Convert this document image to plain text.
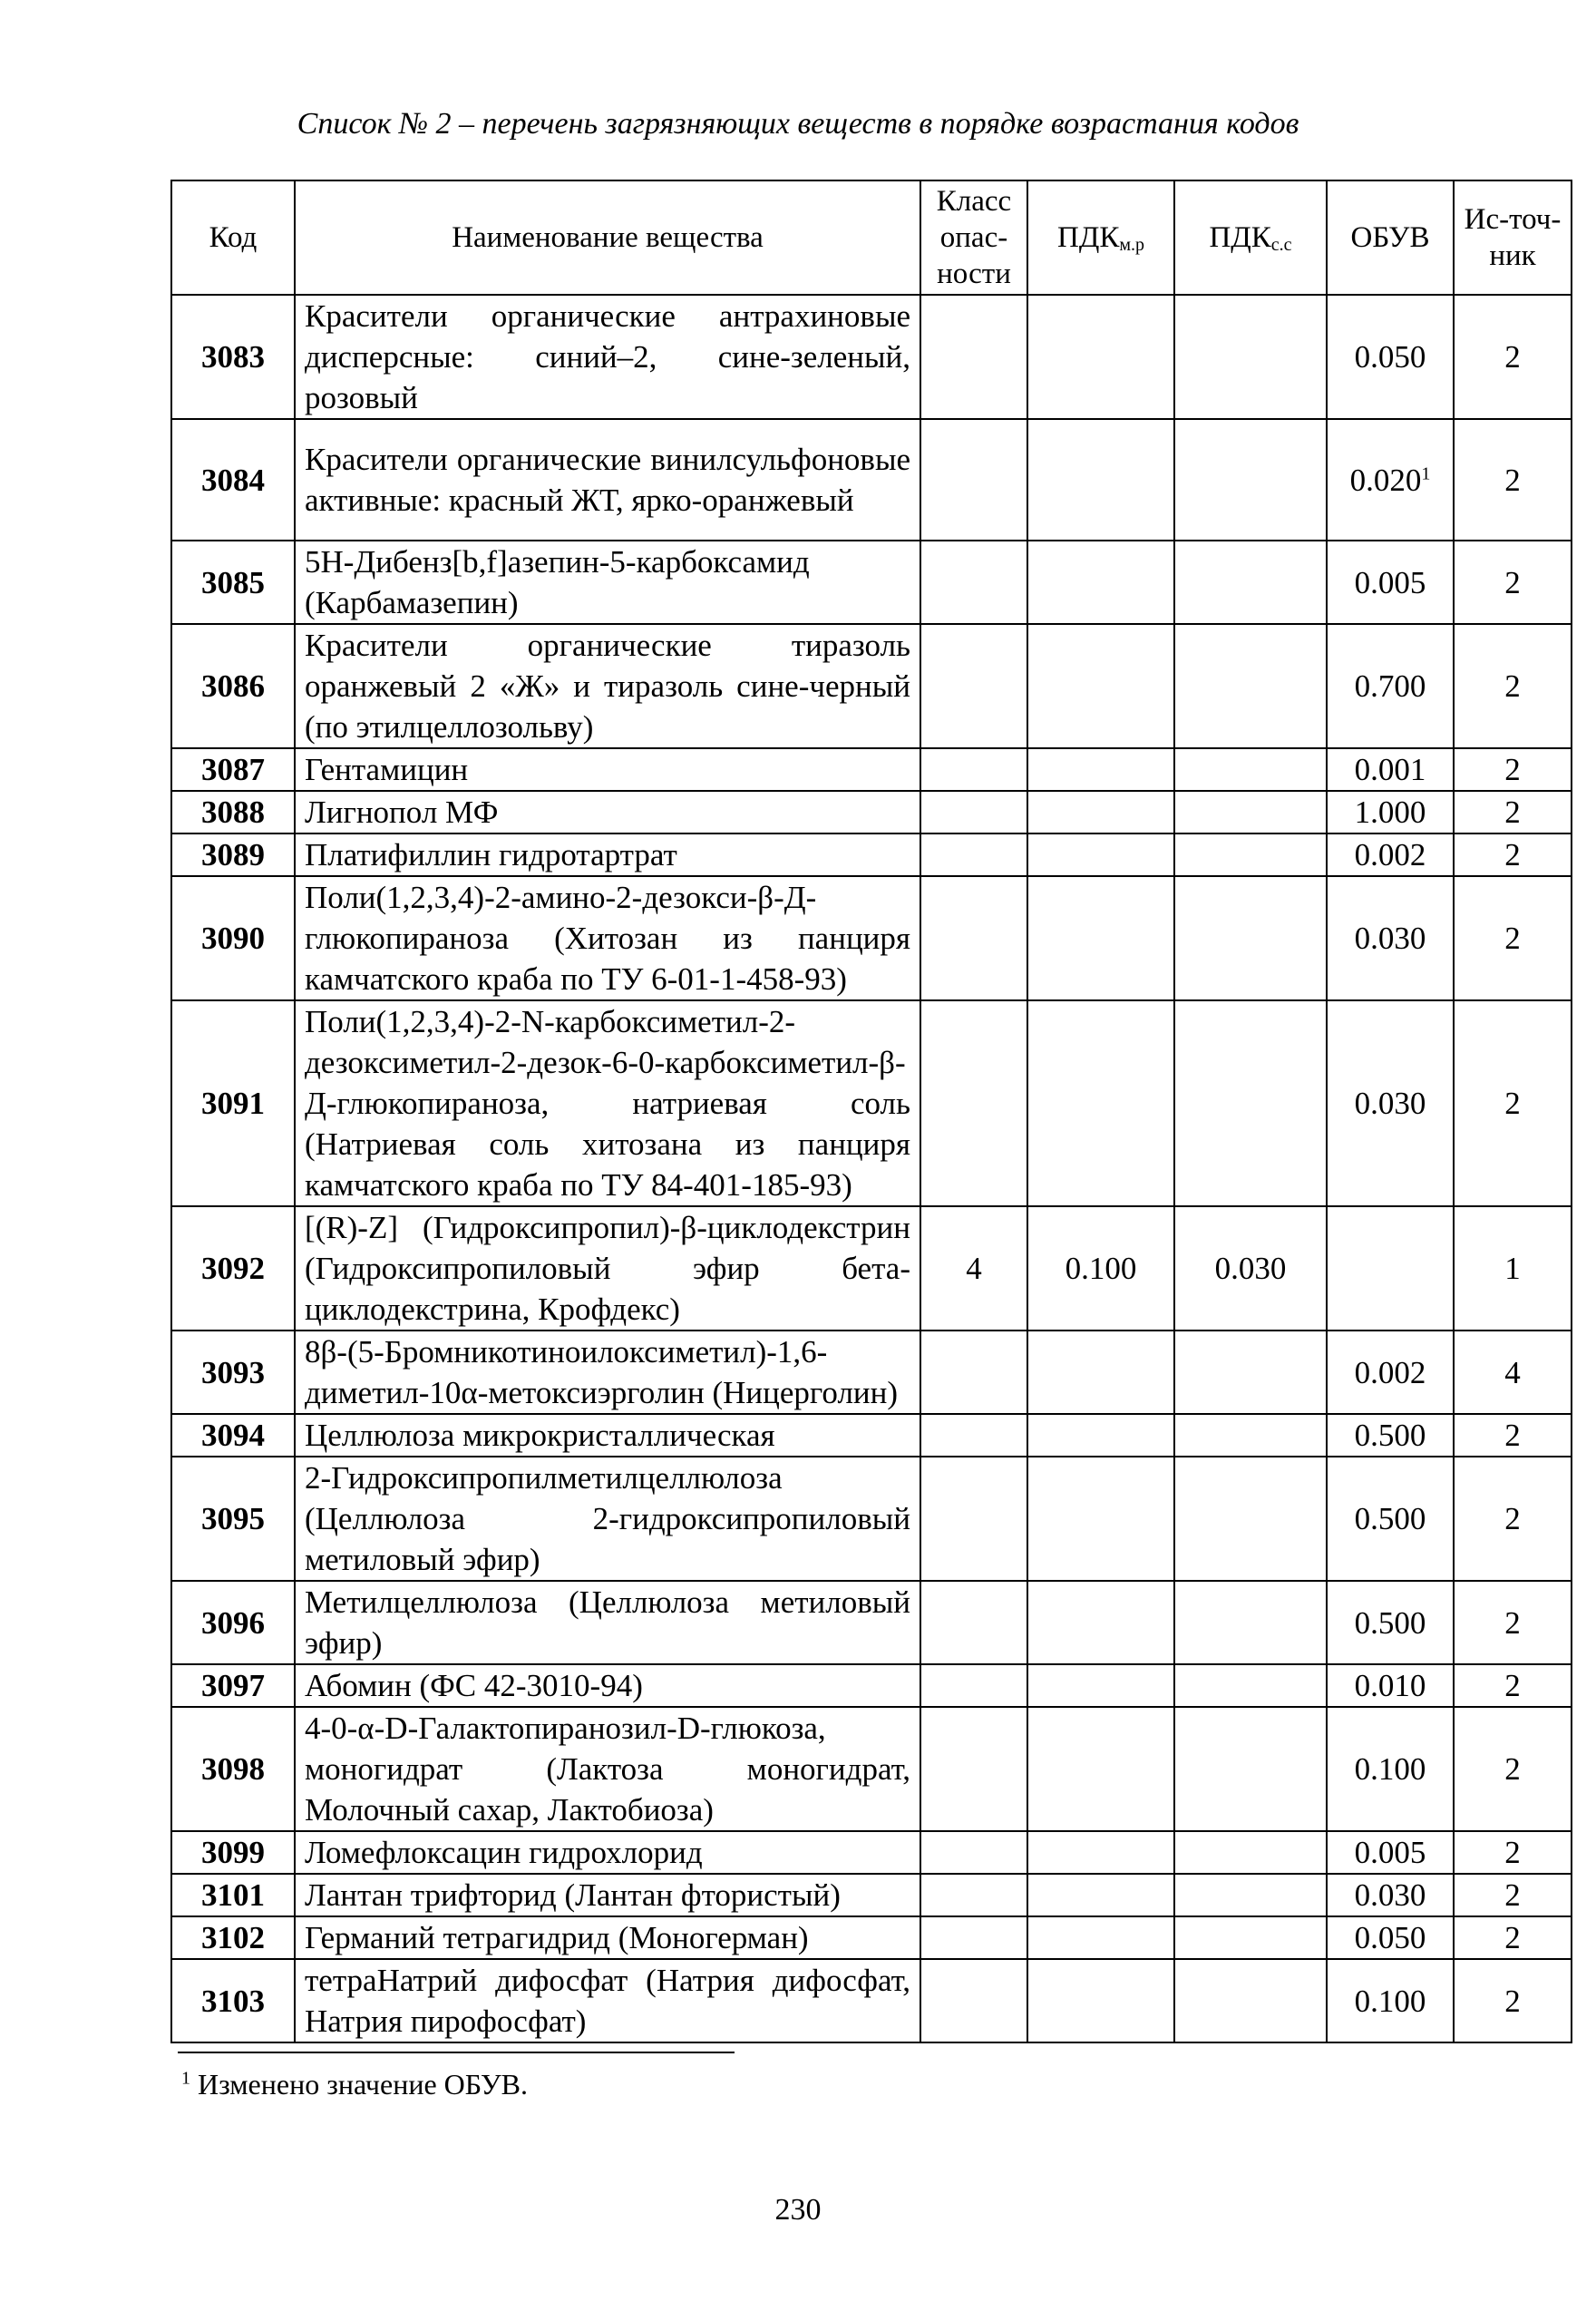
Список № 2 – перечень загрязняющих веществ в порядке возрастания кодов
Код	Наименование вещества	Класс опас-ности	$ПДК_{м.р}$	$ПДК_{с.с}$	ОБУВ	Ис-точ-ник
3083	Красители органические антрахиновые дисперсные: синий–2, сине-зеленый, розовый				0.050	2
3084	Красители органические винилсульфоновые активные: красный ЖТ, ярко-оранжевый				0.020$^1$	2
3085	5Н-Дибенз[b,f]азепин-5-карбоксамид (Карбамазепин)				0.005	2
3086	Красители органические тиразоль оранжевый 2 «Ж» и тиразоль сине-черный (по этилцеллозольву)				0.700	2
3087	Гентамицин				0.001	2
3088	Лигнопол МФ				1.000	2
3089	Платифиллин гидротартрат				0.002	2
3090	Поли(1,2,3,4)-2-амино-2-дезокси-β-Д-глюкопираноза (Хитозан из панциря камчатского краба по ТУ 6-01-1-458-93)				0.030	2
3091	Поли(1,2,3,4)-2-N-карбоксиметил-2-дезоксиметил-2-дезок-6-0-карбоксиметил-β-Д-глюкопираноза, натриевая соль (Натриевая соль хитозана из панциря камчатского краба по ТУ 84-401-185-93)				0.030	2
3092	[(R)-Z] (Гидроксипропил)-β-циклодекстрин (Гидроксипропиловый эфир бета-циклодекстрина, Крофдекс)	4	0.100	0.030		1
3093	8β-(5-Бромникотиноилоксиметил)-1,6-диметил-10α-метоксиэрголин (Ницерголин)				0.002	4
3094	Целлюлоза микрокристаллическая				0.500	2
3095	2-Гидроксипропилметилцеллюлоза (Целлюлоза 2-гидроксипропиловый метиловый эфир)				0.500	2
3096	Метилцеллюлоза (Целлюлоза метиловый эфир)				0.500	2
3097	Абомин (ФС 42-3010-94)				0.010	2
3098	4-0-α-D-Галактопиранозил-D-глюкоза, моногидрат (Лактоза моногидрат, Молочный сахар, Лактобиоза)				0.100	2
3099	Ломефлоксацин гидрохлорид				0.005	2
3101	Лантан трифторид (Лантан фтористый)				0.030	2
3102	Германий тетрагидрид (Моногерман)				0.050	2
3103	тетраНатрий дифосфат (Натрия дифосфат, Натрия пирофосфат)				0.100	2
$^1$ Изменено значение ОБУВ.
230
